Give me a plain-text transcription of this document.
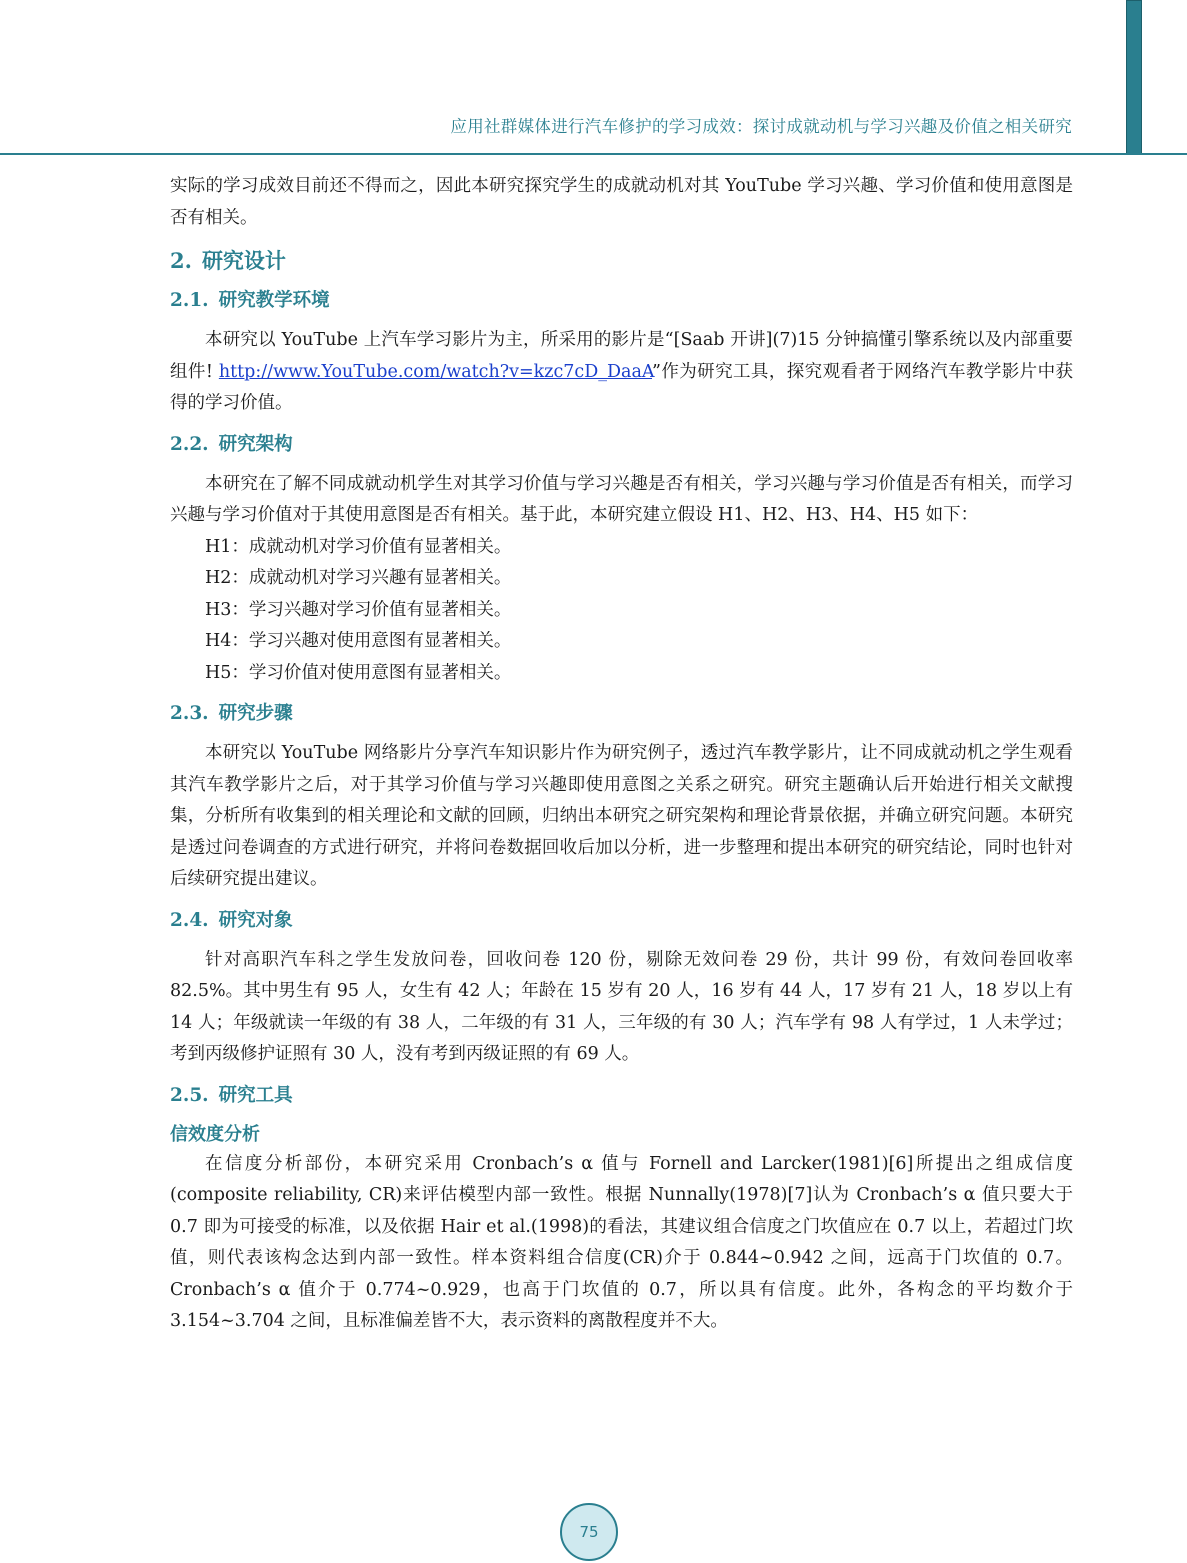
应用社群媒体进行汽车修护的学习成效：探讨成就动机与学习兴趣及价值之相关研究

实际的学习成效目前还不得而之，因此本研究探究学生的成就动机对其 YouTube 学习兴趣、学习价值和使用意图是否有相关。

2. 研究设计
2.1. 研究教学环境

本研究以 YouTube 上汽车学习影片为主，所采用的影片是“[Saab 开讲](7)15 分钟搞懂引擎系统以及内部重要组件! http://www.YouTube.com/watch?v=kzc7cD_DaaA”作为研究工具，探究观看者于网络汽车教学影片中获得的学习价值。

2.2. 研究架构

本研究在了解不同成就动机学生对其学习价值与学习兴趣是否有相关，学习兴趣与学习价值是否有相关，而学习兴趣与学习价值对于其使用意图是否有相关。基于此，本研究建立假设 H1、H2、H3、H4、H5 如下：

H1：成就动机对学习价值有显著相关。

H2：成就动机对学习兴趣有显著相关。

H3：学习兴趣对学习价值有显著相关。

H4：学习兴趣对使用意图有显著相关。

H5：学习价值对使用意图有显著相关。

2.3. 研究步骤

本研究以 YouTube 网络影片分享汽车知识影片作为研究例子，透过汽车教学影片，让不同成就动机之学生观看其汽车教学影片之后，对于其学习价值与学习兴趣即使用意图之关系之研究。研究主题确认后开始进行相关文献搜集，分析所有收集到的相关理论和文献的回顾，归纳出本研究之研究架构和理论背景依据，并确立研究问题。本研究是透过问卷调查的方式进行研究，并将问卷数据回收后加以分析，进一步整理和提出本研究的研究结论，同时也针对后续研究提出建议。

2.4. 研究对象

针对高职汽车科之学生发放问卷，回收问卷 120 份，剔除无效问卷 29 份，共计 99 份，有效问卷回收率 82.5%。其中男生有 95 人，女生有 42 人；年龄在 15 岁有 20 人，16 岁有 44 人，17 岁有 21 人，18 岁以上有 14 人；年级就读一年级的有 38 人，二年级的有 31 人，三年级的有 30 人；汽车学有 98 人有学过，1 人未学过；考到丙级修护证照有 30 人，没有考到丙级证照的有 69 人。

2.5. 研究工具
信效度分析

在信度分析部份，本研究采用 Cronbach’s α 值与 Fornell and Larcker(1981)[6]所提出之组成信度(composite reliability, CR)来评估模型内部一致性。根据 Nunnally(1978)[7]认为 Cronbach’s α 值只要大于 0.7 即为可接受的标准，以及依据 Hair et al.(1998)的看法，其建议组合信度之门坎值应在 0.7 以上，若超过门坎值，则代表该构念达到内部一致性。样本资料组合信度(CR)介于 0.844~0.942 之间，远高于门坎值的 0.7。Cronbach’s α 值介于 0.774~0.929，也高于门坎值的 0.7，所以具有信度。此外，各构念的平均数介于 3.154~3.704 之间，且标准偏差皆不大，表示资料的离散程度并不大。

75
